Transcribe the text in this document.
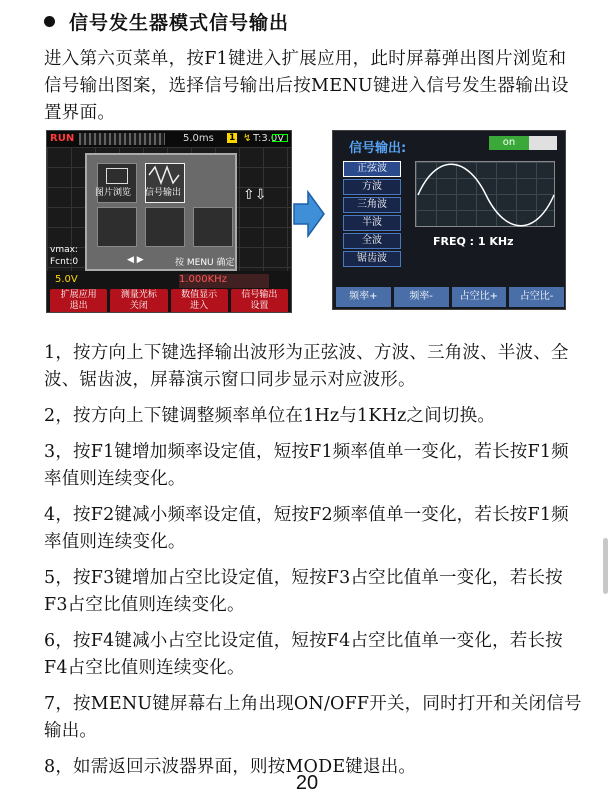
信号发生器模式信号输出
进入第六页菜单，按F1键进入扩展应用，此时屏幕弹出图片浏览和信号输出图案，选择信号输出后按MENU键进入信号发生器输出设置界面。
RUN	5.0ms 1 ↯ T:3.0V
图片浏览 信号输出
◀ ▶	按 MENU 确定
⇧⇩
vmax:
Fcnt:0
5.0V	1.000KHz
扩展应用
退出
测量光标
关闭
数值显示
进入
信号输出
设置
信号输出:	on
正弦波
方波
三角波
半波
全波
锯齿波
FREQ : 1 KHz
频率+	频率-	占空比+	占空比-

1，按方向上下键选择输出波形为正弦波、方波、三角波、半波、全波、锯齿波，屏幕演示窗口同步显示对应波形。

2，按方向上下键调整频率单位在1Hz与1KHz之间切换。

3，按F1键增加频率设定值，短按F1频率值单一变化，若长按F1频率值则连续变化。

4，按F2键减小频率设定值，短按F2频率值单一变化，若长按F1频率值则连续变化。

5，按F3键增加占空比设定值，短按F3占空比值单一变化，若长按F3占空比值则连续变化。

6，按F4键减小占空比设定值，短按F4占空比值单一变化，若长按F4占空比值则连续变化。

7，按MENU键屏幕右上角出现ON/OFF开关，同时打开和关闭信号输出。

8，如需返回示波器界面，则按MODE键退出。

20
